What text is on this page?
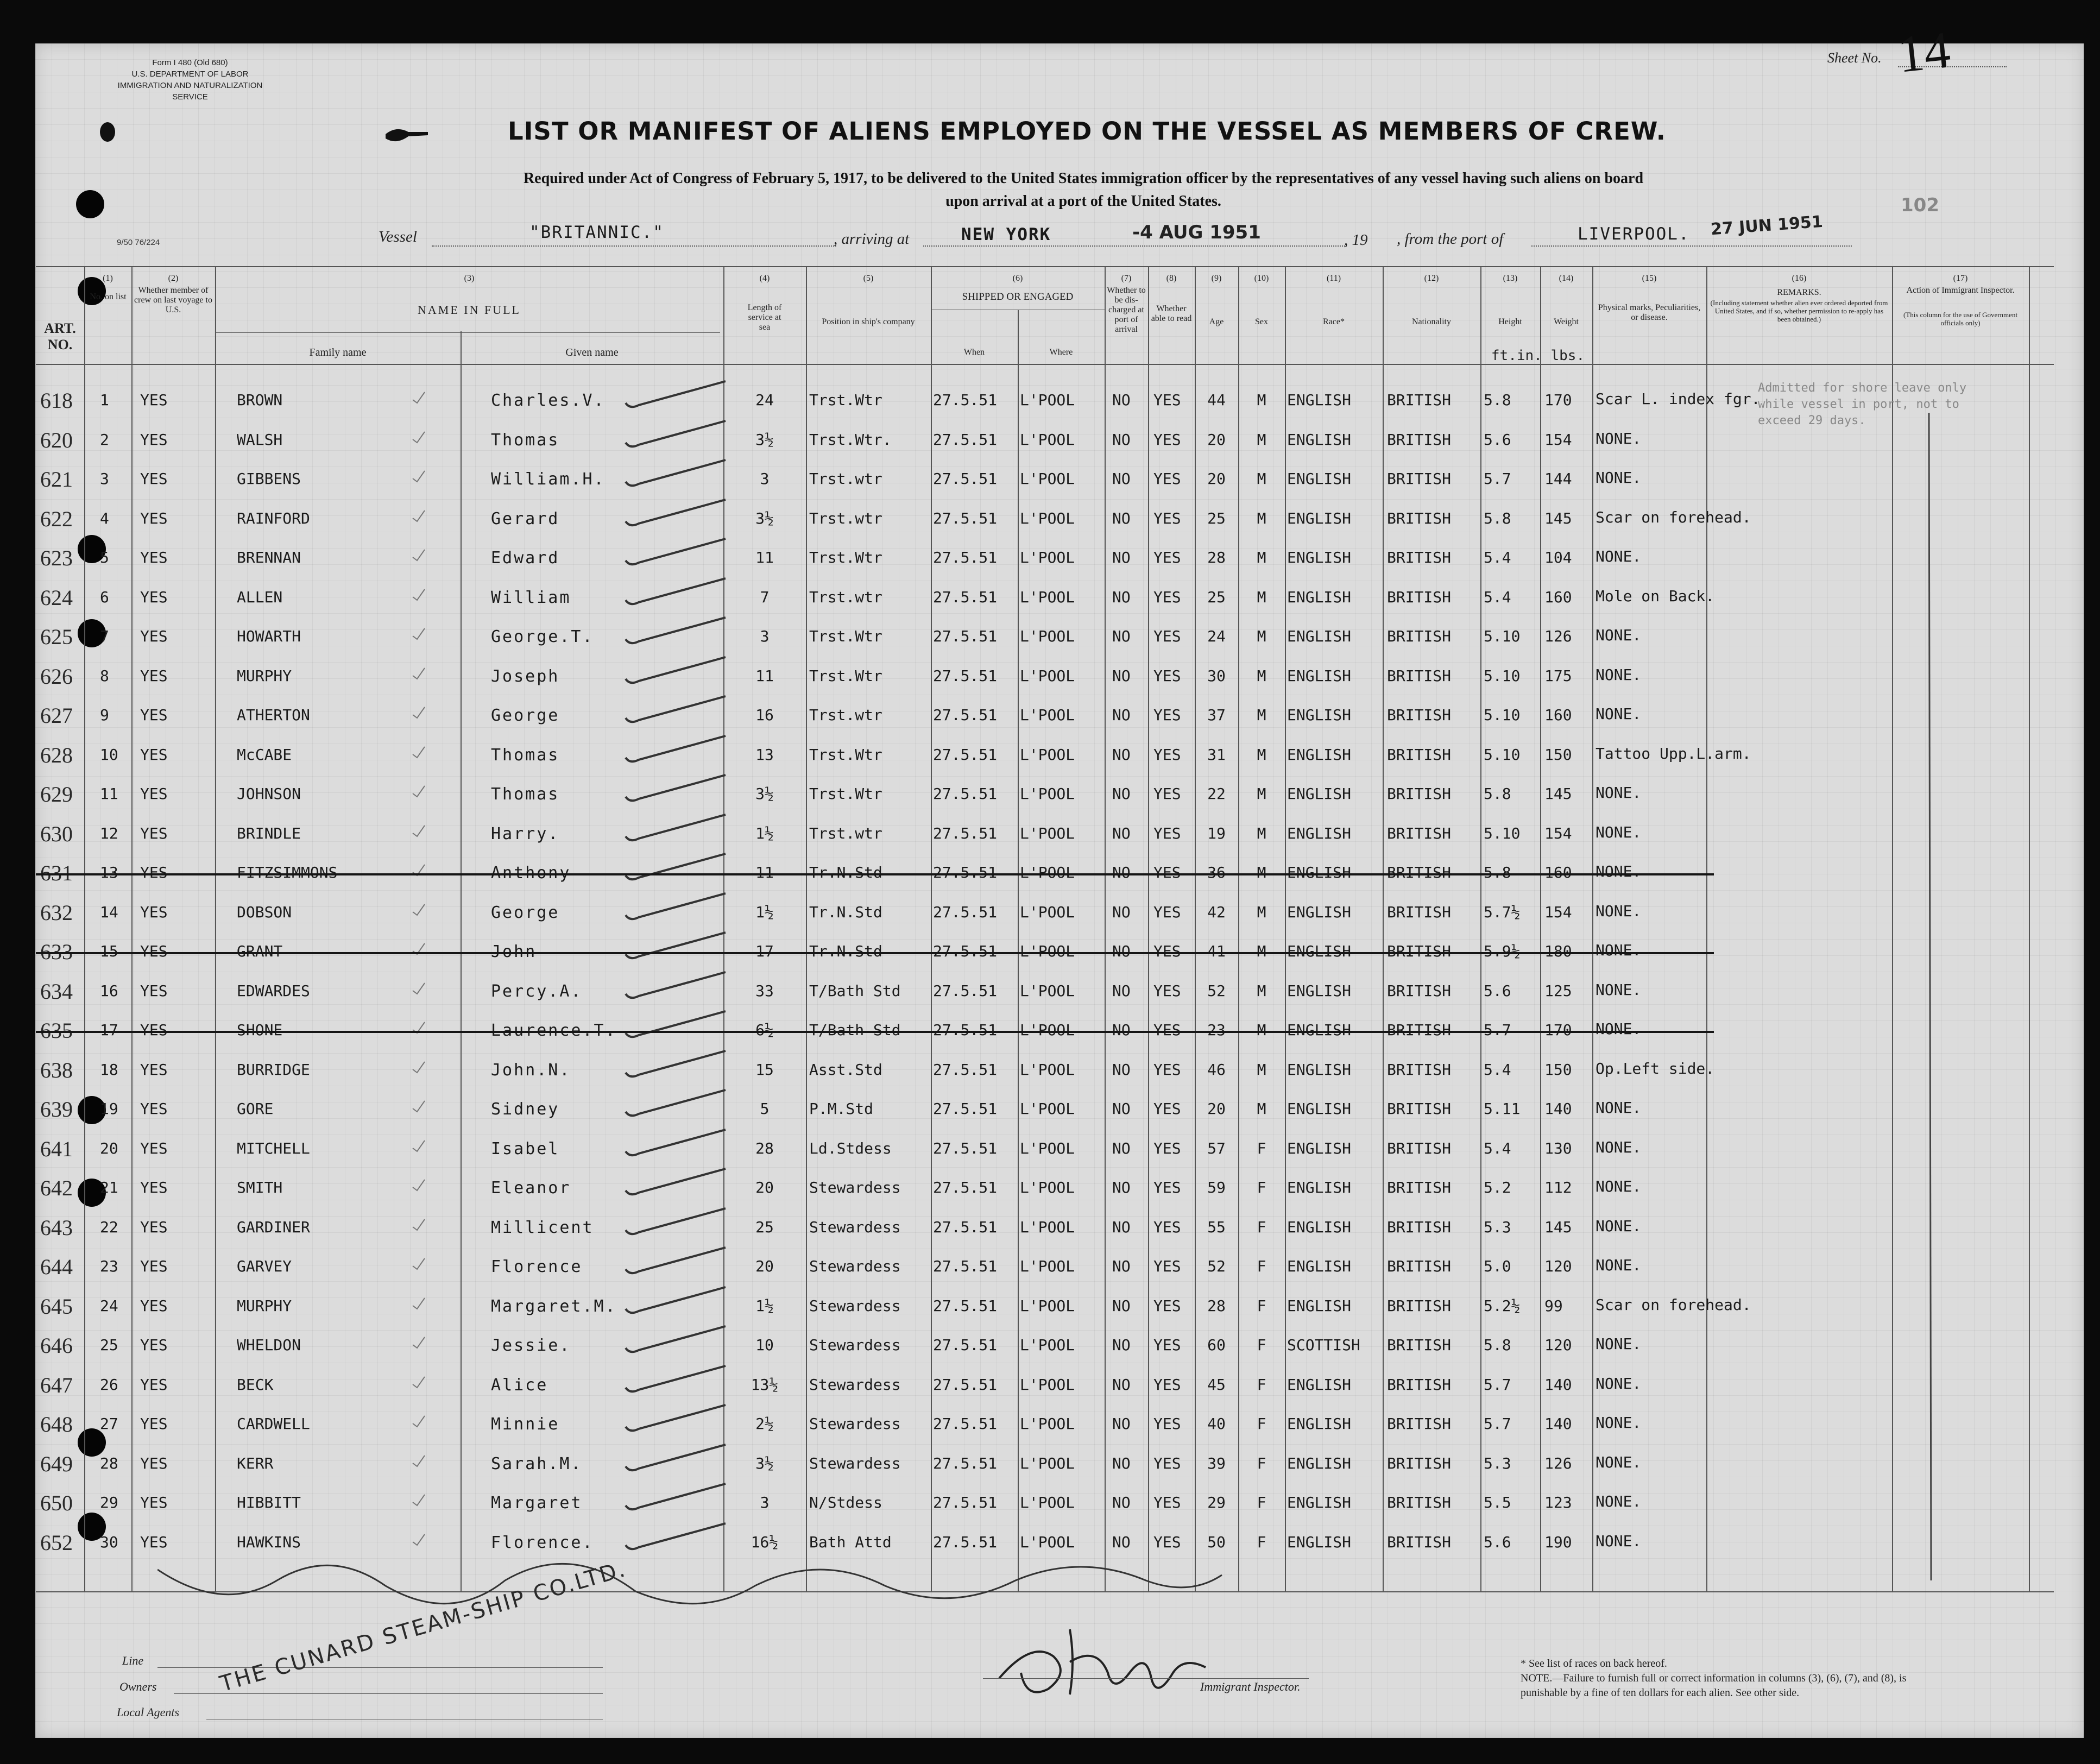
Form I 480 (Old 680)
U.S. DEPARTMENT OF LABOR
IMMIGRATION AND NATURALIZATION SERVICE
9/50 76/224
Sheet No. 14
LIST OR MANIFEST OF ALIENS EMPLOYED ON THE VESSEL AS MEMBERS OF CREW.
Required under Act of Congress of February 5, 1917, to be delivered to the United States immigration officer by the representatives of any vessel having such aliens on board
upon arrival at a port of the United States.
Vessel	"BRITANNIC."	, arriving at	NEW YORK	-4 AUG 1951	, 19 , from the port of	LIVERPOOL. 27 JUN 1951
102
ART. NO.
(1)
No. on list
(2)
Whether member of crew on last voyage to U.S.
(3)
NAME IN FULL
Family name	Given name
(4)
Length of service at sea
(5)
Position in ship's company
(6)
SHIPPED OR ENGAGED
When	Where
(7)
Whether to be dis-charged at port of arrival
(8)
Whether able to read
(9)
Age
(10)
Sex
(11)
Race*
(12)
Nationality
(13)
Height
(14)
Weight
ft.in. lbs.
(15)
Physical marks, Peculiarities, or disease.
(16)
REMARKS.
(Including statement whether alien ever ordered deported from United States, and if so, whether permission to re-apply has been obtained.)
(17)
Action of Immigrant Inspector.
(This column for the use of Government officials only)
618 1 YES	BROWN	Charles.V.	24	Trst.Wtr	27.5.51 L'POOL NO YES	44	M	ENGLISH BRITISH 5.8 170 Scar L. index fgr.
620 2 YES	WALSH	Thomas	3½	Trst.Wtr.	27.5.51 L'POOL NO YES	20	M	ENGLISH BRITISH 5.6 154 NONE.
621 3 YES	GIBBENS	William.H.	3	Trst.wtr	27.5.51 L'POOL NO YES	20	M	ENGLISH BRITISH 5.7 144 NONE.
622 4 YES	RAINFORD	Gerard	3½	Trst.wtr	27.5.51 L'POOL NO YES	25	M	ENGLISH BRITISH 5.8 145 Scar on forehead.
623 5 YES	BRENNAN	Edward	11	Trst.Wtr	27.5.51 L'POOL NO YES	28	M	ENGLISH BRITISH 5.4 104 NONE.
624 6 YES	ALLEN	William	7	Trst.wtr	27.5.51 L'POOL NO YES	25	M	ENGLISH BRITISH 5.4 160 Mole on Back.
625 7 YES	HOWARTH	George.T.	3	Trst.Wtr	27.5.51 L'POOL NO YES	24	M	ENGLISH BRITISH 5.10 126 NONE.
626 8 YES	MURPHY	Joseph	11	Trst.Wtr	27.5.51 L'POOL NO YES	30	M	ENGLISH BRITISH 5.10 175 NONE.
627 9 YES	ATHERTON	George	16	Trst.wtr	27.5.51 L'POOL NO YES	37	M	ENGLISH BRITISH 5.10 160 NONE.
628 10 YES	McCABE	Thomas	13	Trst.Wtr	27.5.51 L'POOL NO YES	31	M	ENGLISH BRITISH 5.10 150 Tattoo Upp.L.arm.
629 11 YES	JOHNSON	Thomas	3½	Trst.Wtr	27.5.51 L'POOL NO YES	22	M	ENGLISH BRITISH 5.8 145 NONE.
630 12 YES	BRINDLE	Harry.	1½	Trst.wtr	27.5.51 L'POOL NO YES	19	M	ENGLISH BRITISH 5.10 154 NONE.
631 13 YES	FITZSIMMONS	Anthony	11	Tr.N.Std	27.5.51 L'POOL NO YES	36	M	ENGLISH BRITISH 5.8 160 NONE.
632 14 YES	DOBSON	George	1½	Tr.N.Std	27.5.51 L'POOL NO YES	42	M	ENGLISH BRITISH 5.7½ 154 NONE.
633 15 YES	GRANT	John	17	Tr.N.Std	27.5.51 L'POOL NO YES	41	M	ENGLISH BRITISH 5.9½ 180 NONE.
634 16 YES	EDWARDES	Percy.A.	33	T/Bath Std 27.5.51 L'POOL NO YES	52	M	ENGLISH BRITISH 5.6 125 NONE.
635 17 YES	SHONE	Laurence.T.	6½	T/Bath Std 27.5.51 L'POOL NO YES	23	M	ENGLISH BRITISH 5.7 170 NONE.
638 18 YES	BURRIDGE	John.N.	15	Asst.Std	27.5.51 L'POOL NO YES	46	M	ENGLISH BRITISH 5.4 150 Op.Left side.
639 19 YES	GORE	Sidney	5	P.M.Std	27.5.51 L'POOL NO YES	20	M	ENGLISH BRITISH 5.11 140 NONE.
641 20 YES	MITCHELL	Isabel	28	Ld.Stdess	27.5.51 L'POOL NO YES	57	F	ENGLISH BRITISH 5.4 130 NONE.
642 21 YES	SMITH	Eleanor	20	Stewardess 27.5.51 L'POOL NO YES	59	F	ENGLISH BRITISH 5.2 112 NONE.
643 22 YES	GARDINER	Millicent	25	Stewardess 27.5.51 L'POOL NO YES	55	F	ENGLISH BRITISH 5.3 145 NONE.
644 23 YES	GARVEY	Florence	20	Stewardess 27.5.51 L'POOL NO YES	52	F	ENGLISH BRITISH 5.0 120 NONE.
645 24 YES	MURPHY	Margaret.M.	1½	Stewardess 27.5.51 L'POOL NO YES	28	F	ENGLISH BRITISH 5.2½ 99 Scar on forehead.
646 25 YES	WHELDON	Jessie.	10	Stewardess 27.5.51 L'POOL NO YES	60	F	SCOTTISH BRITISH 5.8 120 NONE.
647 26 YES	BECK	Alice	13½	Stewardess 27.5.51 L'POOL NO YES	45	F	ENGLISH BRITISH 5.7 140 NONE.
648 27 YES	CARDWELL	Minnie	2½	Stewardess 27.5.51 L'POOL NO YES	40	F	ENGLISH BRITISH 5.7 140 NONE.
649 28 YES	KERR	Sarah.M.	3½	Stewardess 27.5.51 L'POOL NO YES	39	F	ENGLISH BRITISH 5.3 126 NONE.
650 29 YES	HIBBITT	Margaret	3	N/Stdess	27.5.51 L'POOL NO YES	29	F	ENGLISH BRITISH 5.5 123 NONE.
652 30 YES	HAWKINS	Florence.	16½	Bath Attd	27.5.51 L'POOL NO YES	50	F	ENGLISH BRITISH 5.6 190 NONE.
Admitted for shore leave only while vessel in port, not to exceed 29 days.
Line
Owners
Local Agents
THE CUNARD STEAM-SHIP CO.LTD.	Immigrant Inspector.
* See list of races on back hereof.
NOTE.—Failure to furnish full or correct information in columns (3), (6), (7), and (8), is punishable by a fine of ten dollars for each alien. See other side.
